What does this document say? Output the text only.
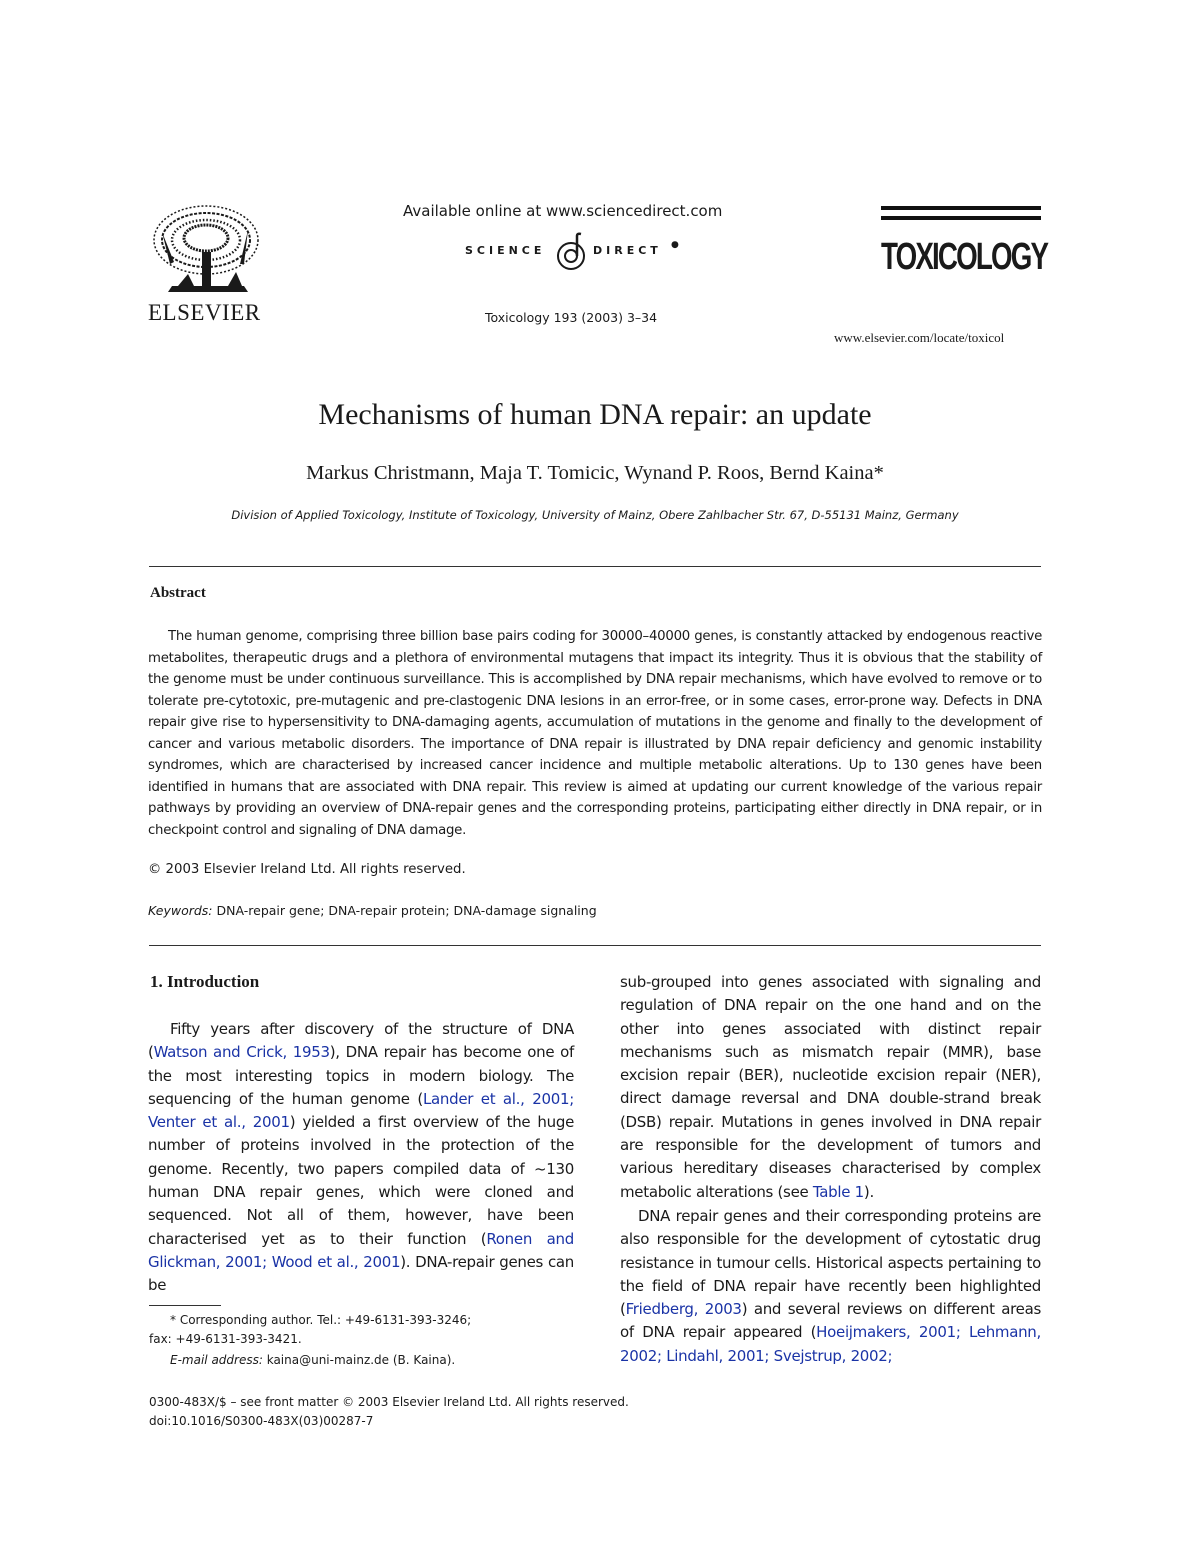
ELSEVIER
Available online at www.sciencedirect.com
SCIENCE	DIRECT ●
Toxicology 193 (2003) 3–34
TOXICOLOGY
www.elsevier.com/locate/toxicol
Mechanisms of human DNA repair: an update
Markus Christmann, Maja T. Tomicic, Wynand P. Roos, Bernd Kaina*
Division of Applied Toxicology, Institute of Toxicology, University of Mainz, Obere Zahlbacher Str. 67, D-55131 Mainz, Germany
Abstract

The human genome, comprising three billion base pairs coding for 30000–40000 genes, is constantly attacked by endogenous reactive metabolites, therapeutic drugs and a plethora of environmental mutagens that impact its integrity. Thus it is obvious that the stability of the genome must be under continuous surveillance. This is accomplished by DNA repair mechanisms, which have evolved to remove or to tolerate pre-cytotoxic, pre-mutagenic and pre-clastogenic DNA lesions in an error-free, or in some cases, error-prone way. Defects in DNA repair give rise to hypersensitivity to DNA-damaging agents, accumulation of mutations in the genome and finally to the development of cancer and various metabolic disorders. The importance of DNA repair is illustrated by DNA repair deficiency and genomic instability syndromes, which are characterised by increased cancer incidence and multiple metabolic alterations. Up to 130 genes have been identified in humans that are associated with DNA repair. This review is aimed at updating our current knowledge of the various repair pathways by providing an overview of DNA-repair genes and the corresponding proteins, participating either directly in DNA repair, or in checkpoint control and signaling of DNA damage.

© 2003 Elsevier Ireland Ltd. All rights reserved.
Keywords: DNA-repair gene; DNA-repair protein; DNA-damage signaling
1. Introduction

Fifty years after discovery of the structure of DNA (Watson and Crick, 1953), DNA repair has become one of the most interesting topics in modern biology. The sequencing of the human genome (Lander et al., 2001; Venter et al., 2001) yielded a first overview of the huge number of proteins involved in the protection of the genome. Recently, two papers compiled data of ~130 human DNA repair genes, which were cloned and sequenced. Not all of them, however, have been characterised yet as to their function (Ronen and Glickman, 2001; Wood et al., 2001). DNA-repair genes can be

sub-grouped into genes associated with signaling and regulation of DNA repair on the one hand and on the other into genes associated with distinct repair mechanisms such as mismatch repair (MMR), base excision repair (BER), nucleotide excision repair (NER), direct damage reversal and DNA double-strand break (DSB) repair. Mutations in genes involved in DNA repair are responsible for the development of tumors and various hereditary diseases characterised by complex metabolic alterations (see Table 1).

DNA repair genes and their corresponding proteins are also responsible for the development of cytostatic drug resistance in tumour cells. Historical aspects pertaining to the field of DNA repair have recently been highlighted (Friedberg, 2003) and several reviews on different areas of DNA repair appeared (Hoeijmakers, 2001; Lehmann, 2002; Lindahl, 2001; Svejstrup, 2002;

* Corresponding author. Tel.: +49-6131-393-3246;
fax: +49-6131-393-3421.
E-mail address: kaina@uni-mainz.de (B. Kaina).
0300-483X/$ – see front matter © 2003 Elsevier Ireland Ltd. All rights reserved.
doi:10.1016/S0300-483X(03)00287-7
